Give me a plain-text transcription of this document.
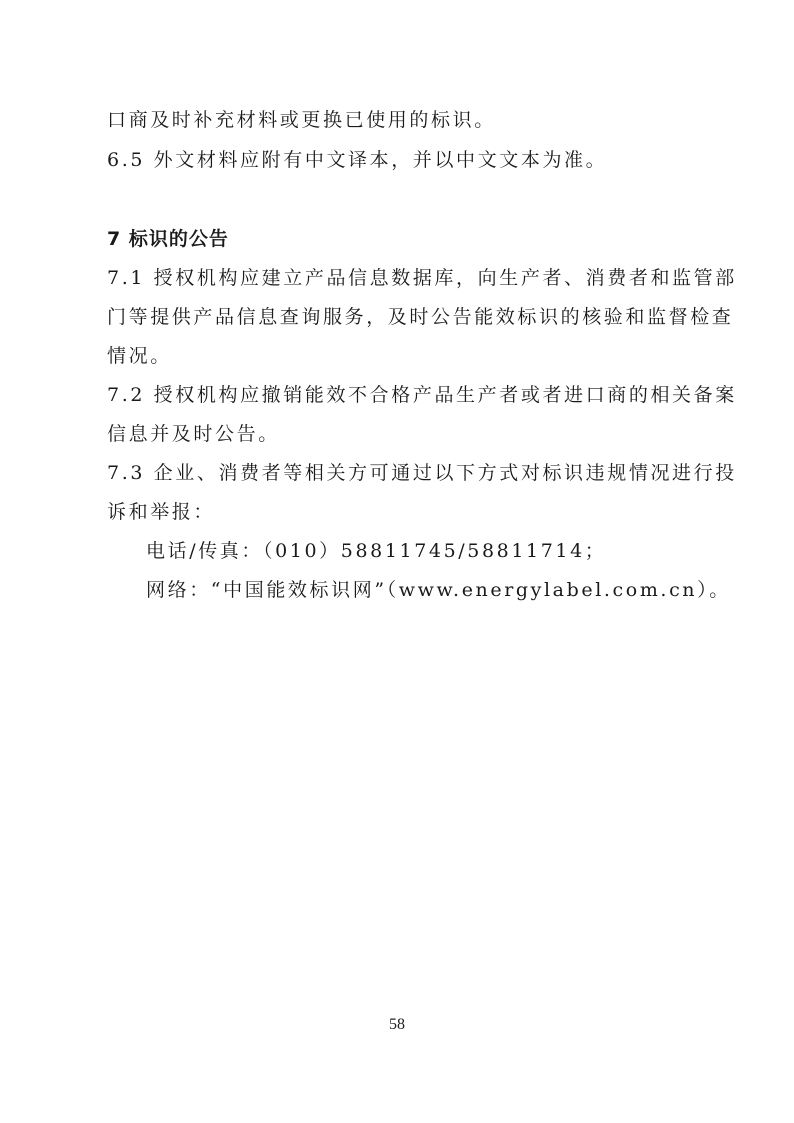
口商及时补充材料或更换已使用的标识。
6.5 外文材料应附有中文译本，并以中文文本为准。
7 标识的公告
7.1 授权机构应建立产品信息数据库，向生产者、消费者和监管部
门等提供产品信息查询服务，及时公告能效标识的核验和监督检查
情况。
7.2 授权机构应撤销能效不合格产品生产者或者进口商的相关备案
信息并及时公告。
7.3 企业、消费者等相关方可通过以下方式对标识违规情况进行投
诉和举报：
电话/传真：（010）58811745/58811714；
网络：“中国能效标识网”（www.energylabel.com.cn）。
58
